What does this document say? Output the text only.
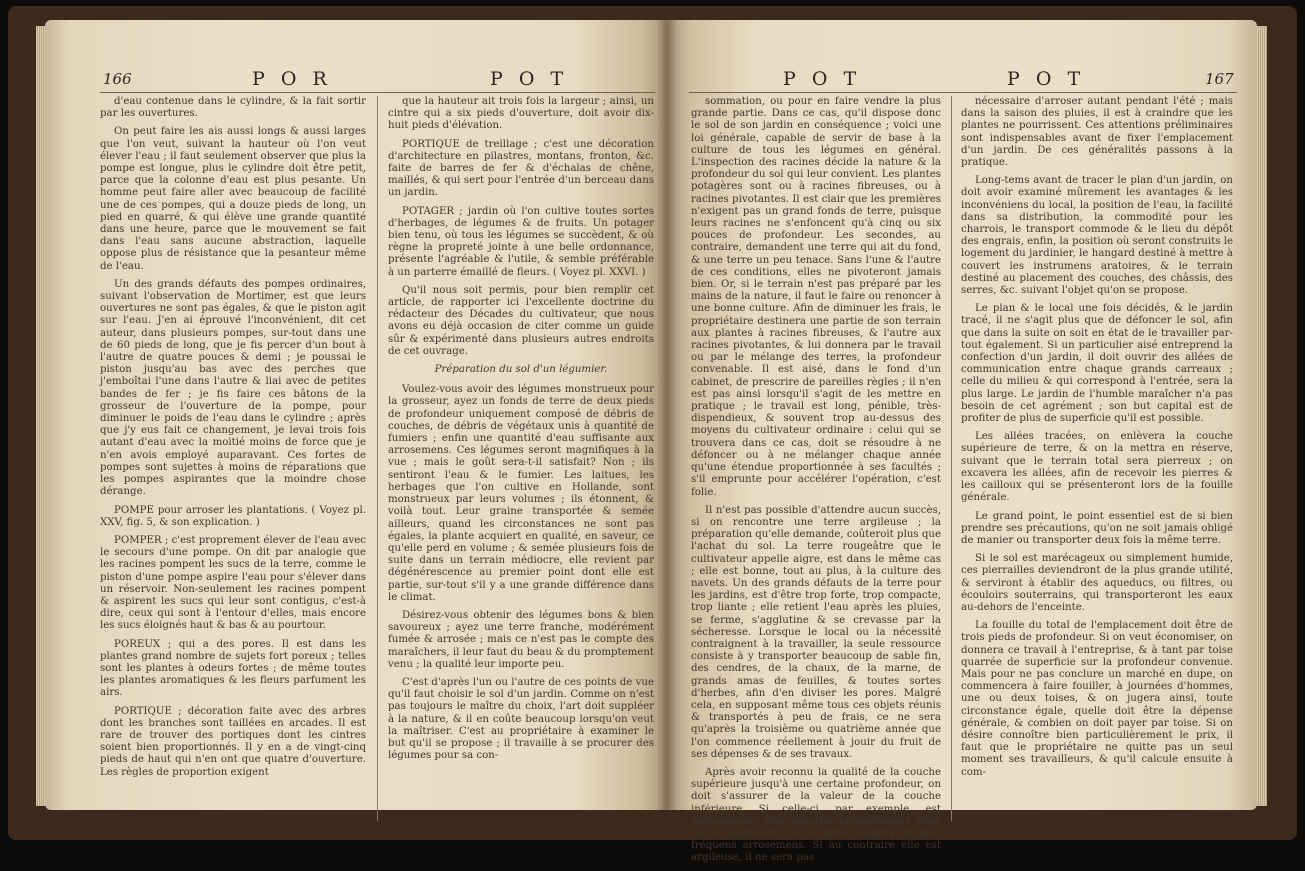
166	P O R	P O T

d'eau contenue dans le cylindre, & la fait sortir par les ouvertures.

On peut faire les ais aussi longs & aussi larges que l'on veut, suivant la hauteur où l'on veut élever l'eau ; il faut seulement observer que plus la pompe est longue, plus le cylindre doit être petit, parce que la colonne d'eau est plus pesante. Un homme peut faire aller avec beaucoup de facilité une de ces pompes, qui a douze pieds de long, un pied en quarré, & qui élève une grande quantité dans une heure, parce que le mouvement se fait dans l'eau sans aucune abstraction, laquelle oppose plus de résistance que la pesanteur même de l'eau.

Un des grands défauts des pompes ordinaires, suivant l'observation de Mortimer, est que leurs ouvertures ne sont pas égales, & que le piston agit sur l'eau. J'en ai éprouvé l'inconvénient, dit cet auteur, dans plusieurs pompes, sur-tout dans une de 60 pieds de long, que je fis percer d'un bout à l'autre de quatre pouces & demi ; je poussai le piston jusqu'au bas avec des perches que j'emboîtai l'une dans l'autre & liai avec de petites bandes de fer ; je fis faire ces bâtons de la grosseur de l'ouverture de la pompe, pour diminuer le poids de l'eau dans le cylindre ; après que j'y eus fait ce changement, je levai trois fois autant d'eau avec la moitié moins de force que je n'en avois employé auparavant. Ces fortes de pompes sont sujettes à moins de réparations que les pompes aspirantes que la moindre chose dérange.

POMPE pour arroser les plantations. ( Voyez pl. XXV, fig. 5, & son explication. )

POMPER ; c'est proprement élever de l'eau avec le secours d'une pompe. On dit par analogie que les racines pompent les sucs de la terre, comme le piston d'une pompe aspire l'eau pour s'élever dans un réservoir. Non-seulement les racines pompent & aspirent les sucs qui leur sont contigus, c'est-à dire, ceux qui sont à l'entour d'elles, mais encore les sucs éloignés haut & bas & au pourtour.

POREUX ; qui a des pores. Il est dans les plantes grand nombre de sujets fort poreux ; telles sont les plantes à odeurs fortes ; de même toutes les plantes aromatiques & les fleurs parfument les airs.

PORTIQUE ; décoration faite avec des arbres dont les branches sont taillées en arcades. Il est rare de trouver des portiques dont les cintres soient bien proportionnés. Il y en a de vingt-cinq pieds de haut qui n'en ont que quatre d'ouverture. Les règles de proportion exigent

que la hauteur ait trois fois la largeur ; ainsi, un cintre qui a six pieds d'ouverture, doit avoir dix-huit pieds d'élévation.

PORTIQUE de treillage ; c'est une décoration d'architecture en pilastres, montans, fronton, &c. faite de barres de fer & d'échalas de chêne, maillés, & qui sert pour l'entrée d'un berceau dans un jardin.

POTAGER ; jardin où l'on cultive toutes sortes d'herbages, de légumes & de fruits. Un potager bien tenu, où tous les légumes se succèdent, & où règne la propreté jointe à une belle ordonnance, présente l'agréable & l'utile, & semble préférable à un parterre émaillé de fleurs. ( Voyez pl. XXVI. )

Qu'il nous soit permis, pour bien remplir cet article, de rapporter ici l'excellente doctrine du rédacteur des Décades du cultivateur, que nous avons eu déjà occasion de citer comme un guide sûr & expérimenté dans plusieurs autres endroits de cet ouvrage.

Préparation du sol d'un légumier.

Voulez-vous avoir des légumes monstrueux pour la grosseur, ayez un fonds de terre de deux pieds de profondeur uniquement composé de débris de couches, de débris de végétaux unis à quantité de fumiers ; enfin une quantité d'eau suffisante aux arrosemens. Ces légumes seront magnifiques à la vue ; mais le goût sera-t-il satisfait? Non ; ils sentiront l'eau & le fumier. Les laitues, les herbages que l'on cultive en Hollande, sont monstrueux par leurs volumes ; ils étonnent, & voilà tout. Leur graine transportée & semée ailleurs, quand les circonstances ne sont pas égales, la plante acquiert en qualité, en saveur, ce qu'elle perd en volume ; & semée plusieurs fois de suite dans un terrain médiocre, elle revient par dégénérescence au premier point dont elle est partie, sur-tout s'il y a une grande différence dans le climat.

Désirez-vous obtenir des légumes bons & bien savoureux ; ayez une terre franche, modérément fumée & arrosée ; mais ce n'est pas le compte des maraîchers, il leur faut du beau & du promptement venu ; la qualité leur importe peu.

C'est d'après l'un ou l'autre de ces points de vue qu'il faut choisir le sol d'un jardin. Comme on n'est pas toujours le maître du choix, l'art doit suppléer à la nature, & il en coûte beaucoup lorsqu'on veut la maîtriser. C'est au propriétaire à examiner le but qu'il se propose ; il travaille à se procurer des légumes pour sa con-

P O T	P O T	167

sommation, ou pour en faire vendre la plus grande partie. Dans ce cas, qu'il dispose donc le sol de son jardin en conséquence ; voici une loi générale, capable de servir de base à la culture de tous les légumes en général. L'inspection des racines décide la nature & la profondeur du sol qui leur convient. Les plantes potagères sont ou à racines fibreuses, ou à racines pivotantes. Il est clair que les premières n'exigent pas un grand fonds de terre, puisque leurs racines ne s'enfoncent qu'à cinq ou six pouces de profondeur. Les secondes, au contraire, demandent une terre qui ait du fond, & une terre un peu tenace. Sans l'une & l'autre de ces conditions, elles ne pivoteront jamais bien. Or, si le terrain n'est pas préparé par les mains de la nature, il faut le faire ou renoncer à une bonne culture. Afin de diminuer les frais, le propriétaire destinera une partie de son terrain aux plantes à racines fibreuses, & l'autre aux racines pivotantes, & lui donnera par le travail ou par le mélange des terres, la profondeur convenable. Il est aisé, dans le fond d'un cabinet, de prescrire de pareilles règles ; il n'en est pas ainsi lorsqu'il s'agit de les mettre en pratique ; le travail est long, pénible, très-dispendieux, & souvent trop au-dessus des moyens du cultivateur ordinaire : celui qui se trouvera dans ce cas, doit se résoudre à ne défoncer ou à ne mélanger chaque année qu'une étendue proportionnée à ses facultés ; s'il emprunte pour accélérer l'opération, c'est folie.

Il n'est pas possible d'attendre aucun succès, si on rencontre une terre argileuse ; la préparation qu'elle demande, coûteroit plus que l'achat du sol. La terre rougeâtre que le cultivateur appelle aigre, est dans le même cas ; elle est bonne, tout au plus, à la culture des navets. Un des grands défauts de la terre pour les jardins, est d'être trop forte, trop compacte, trop liante ; elle retient l'eau après les pluies, se ferme, s'agglutine & se crevasse par la sécheresse. Lorsque le local ou la nécessité contraignent à la travailler, la seule ressource consiste à y transporter beaucoup de sable fin, des cendres, de la chaux, de la marne, de grands amas de feuilles, & toutes sortes d'herbes, afin d'en diviser les pores. Malgré cela, en supposant même tous ces objets réunis & transportés à peu de frais, ce ne sera qu'après la troisième ou quatrième année que l'on commence réellement à jouir du fruit de ses dépenses & de ses travaux.

Après avoir reconnu la qualité de la couche supérieure jusqu'à une certaine profondeur, on doit s'assurer de la valeur de la couche inférieure. Si celle-ci, par exemple, est sablonneuse, elle absorbe promptement l'eau de la supérieure, & le jardin exigera de plus fréquens arrosemens. Si au contraire elle est argileuse, il ne sera pas

nécessaire d'arroser autant pendant l'été ; mais dans la saison des pluies, il est à craindre que les plantes ne pourrissent. Ces attentions préliminaires sont indispensables avant de fixer l'emplacement d'un jardin. De ces généralités passons à la pratique.

Long-tems avant de tracer le plan d'un jardin, on doit avoir examiné mûrement les avantages & les inconvéniens du local, la position de l'eau, la facilité dans sa distribution, la commodité pour les charrois, le transport commode & le lieu du dépôt des engrais, enfin, la position où seront construits le logement du jardinier, le hangard destiné à mettre à couvert les instrumens aratoires, & le terrain destiné au placement des couches, des châssis, des serres, &c. suivant l'objet qu'on se propose.

Le plan & le local une fois décidés, & le jardin tracé, il ne s'agit plus que de défoncer le sol, afin que dans la suite on soit en état de le travailler par-tout également. Si un particulier aisé entreprend la confection d'un jardin, il doit ouvrir des allées de communication entre chaque grands carreaux ; celle du milieu & qui correspond à l'entrée, sera la plus large. Le jardin de l'humble maraîcher n'a pas besoin de cet agrément ; son but capital est de profiter de plus de superficie qu'il est possible.

Les allées tracées, on enlèvera la couche supérieure de terre, & on la mettra en réserve, suivant que le terrain total sera pierreux ; on excavera les allées, afin de recevoir les pierres & les cailloux qui se présenteront lors de la fouille générale.

Le grand point, le point essentiel est de si bien prendre ses précautions, qu'on ne soit jamais obligé de manier ou transporter deux fois la même terre.

Si le sol est marécageux ou simplement humide, ces pierrailles deviendront de la plus grande utilité, & serviront à établir des aqueducs, ou filtres, ou écouloirs souterrains, qui transporteront les eaux au-dehors de l'enceinte.

La fouille du total de l'emplacement doit être de trois pieds de profondeur. Si on veut économiser, on donnera ce travail à l'entreprise, & à tant par toise quarrée de superficie sur la profondeur convenue. Mais pour ne pas conclure un marché en dupe, on commencera à faire fouiller, à journées d'hommes, une ou deux toises, & on jugera ainsi, toute circonstance égale, quelle doit être la dépense générale, & combien on doit payer par toise. Si on désire connoître bien particulièrement le prix, il faut que le propriétaire ne quitte pas un seul moment ses travailleurs, & qu'il calcule ensuite à com-
